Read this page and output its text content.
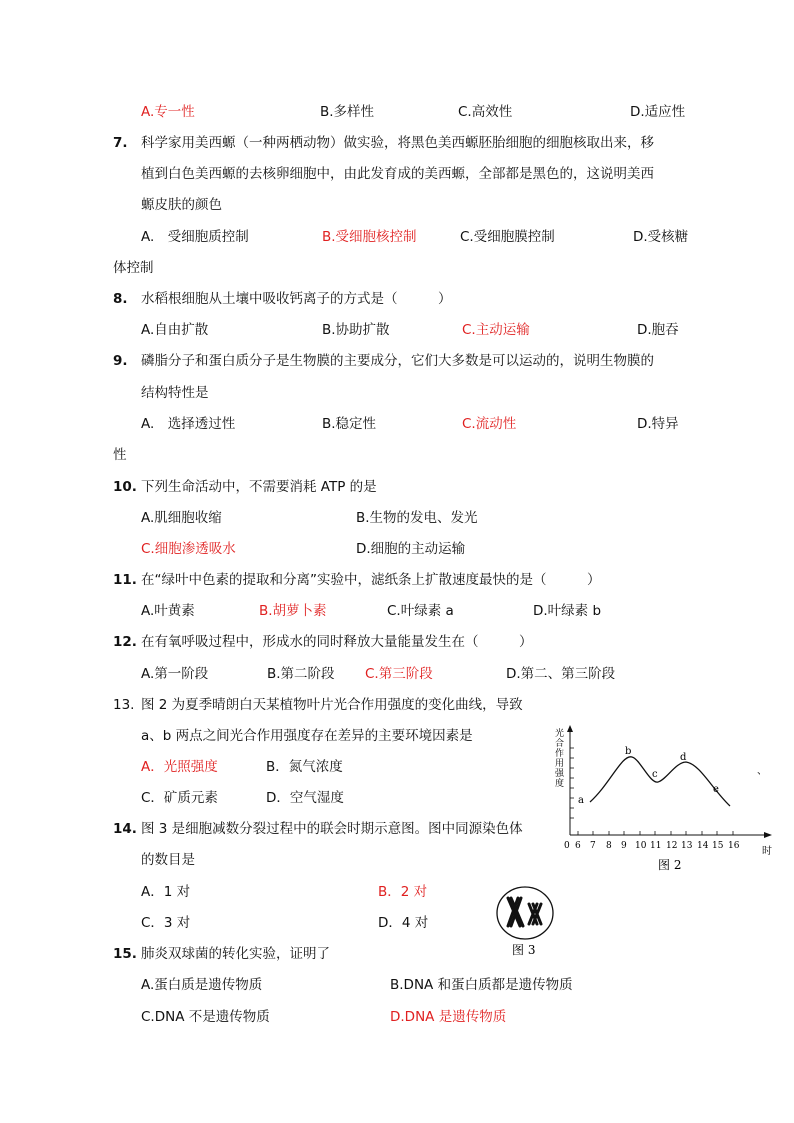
A.专一性	B.多样性	C.高效性	D.适应性
7. 科学家用美西螈（一种两栖动物）做实验，将黑色美西螈胚胎细胞的细胞核取出来，移
植到白色美西螈的去核卵细胞中，由此发育成的美西螈，全部都是黑色的，这说明美西
螈皮肤的颜色
A.　受细胞质控制	B.受细胞核控制	C.受细胞膜控制	D.受核糖
体控制
8. 水稻根细胞从土壤中吸收钙离子的方式是（　　　）
A.自由扩散	B.协助扩散	C.主动运输	D.胞吞
9. 磷脂分子和蛋白质分子是生物膜的主要成分，它们大多数是可以运动的，说明生物膜的
结构特性是
A.　选择透过性	B.稳定性	C.流动性	D.特异
性
10. 下列生命活动中，不需要消耗 ATP 的是
A.肌细胞收缩	B.生物的发电、发光
C.细胞渗透吸水	D.细胞的主动运输
11. 在“绿叶中色素的提取和分离”实验中，滤纸条上扩散速度最快的是（　　　）
A.叶黄素	B.胡萝卜素	C.叶绿素 a	D.叶绿素 b
12. 在有氧呼吸过程中，形成水的同时释放大量能量发生在（　　　）
A.第一阶段	B.第二阶段 C.第三阶段	D.第二、第三阶段
13. 图 2 为夏季晴朗白天某植物叶片光合作用强度的变化曲线，导致
a、b 两点之间光合作用强度存在差异的主要环境因素是
A．光照强度	B．氮气浓度
C．矿质元素	D．空气湿度
14. 图 3 是细胞减数分裂过程中的联会时期示意图。图中同源染色体
的数目是
A．1 对	B．2 对
C．3 对	D．4 对
15. 肺炎双球菌的转化实验，证明了
A.蛋白质是遗传物质	B.DNA 和蛋白质都是遗传物质
C.DNA 不是遗传物质	D.DNA 是遗传物质
光
合
作
用
强
度
0 6 7 8 9 10 11 12 13 14 15 16 时
a
b
c
d
e
、
图 2
图 3
